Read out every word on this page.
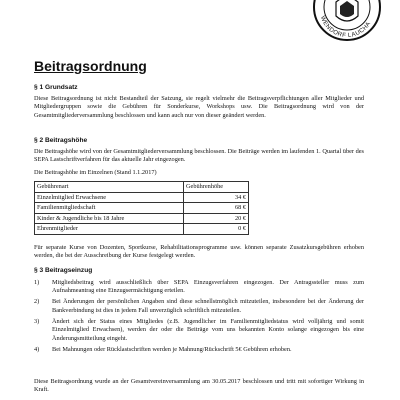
WENDORF LAUCHA
Beitragsordnung
§ 1 Grundsatz
Diese Beitragsordnung ist nicht Bestandteil der Satzung, sie regelt vielmehr die Beitragsverpflichtungen aller Mitglieder und Mitgliedergruppen sowie die Gebühren für Sonderkurse, Workshops usw. Die Beitragsordnung wird von der Gesamtmitgliederversammlung beschlossen und kann auch nur von dieser geändert werden.
§ 2 Beitragshöhe
Die Beitragshöhe wird von der Gesamtmitgliederversammlung beschlossen. Die Beiträge werden im laufenden 1. Quartal über des SEPA Lastschriftverfahren für das aktuelle Jahr eingezogen.
Die Beitragshöhe im Einzelnen (Stand 1.1.2017)
Gebührenart	Gebührenhöhe
Einzelmitglied Erwachsene	34 €
Familienmitgliedschaft	68 €
Kinder & Jugendliche bis 18 Jahre	20 €
Ehrenmitglieder	0 €
Für separate Kurse von Dozenten, Sportkurse, Rehabilitationsprogramme usw. können separate Zusatzkursgebühren erhoben werden, die bei der Ausschreibung der Kurse festgelegt werden.
§ 3 Beitragseinzug
1) Mitgliedsbeitrag wird ausschließlich über SEPA Einzugsverfahren eingezogen. Der Antragssteller muss zum Aufnahmeantrag eine Einzugsermächtigung erteilen.
2) Bei Änderungen der persönlichen Angaben sind diese schnellstmöglich mitzuteilen, insbesondere bei der Änderung der Bankverbindung ist dies in jedem Fall unverzüglich schriftlich mitzuteilen.
3) Ändert sich der Status eines Mitgliedes (z.B. Jugendlicher im Familienmitgliedstatus wird volljährig und somit Einzelmitglied Erwachsen), werden der oder die Beiträge vom uns bekannten Konto solange eingezogen bis eine Änderungsmitteilung eingeht.
4) Bei Mahnungen oder Rücklastschriften werden je Mahnung/Rückschrift 5€ Gebühren erhoben.
Diese Beitragsordnung wurde an der Gesamtvereinversammlung am 30.05.2017 beschlossen und tritt mit sofortiger Wirkung in Kraft.
